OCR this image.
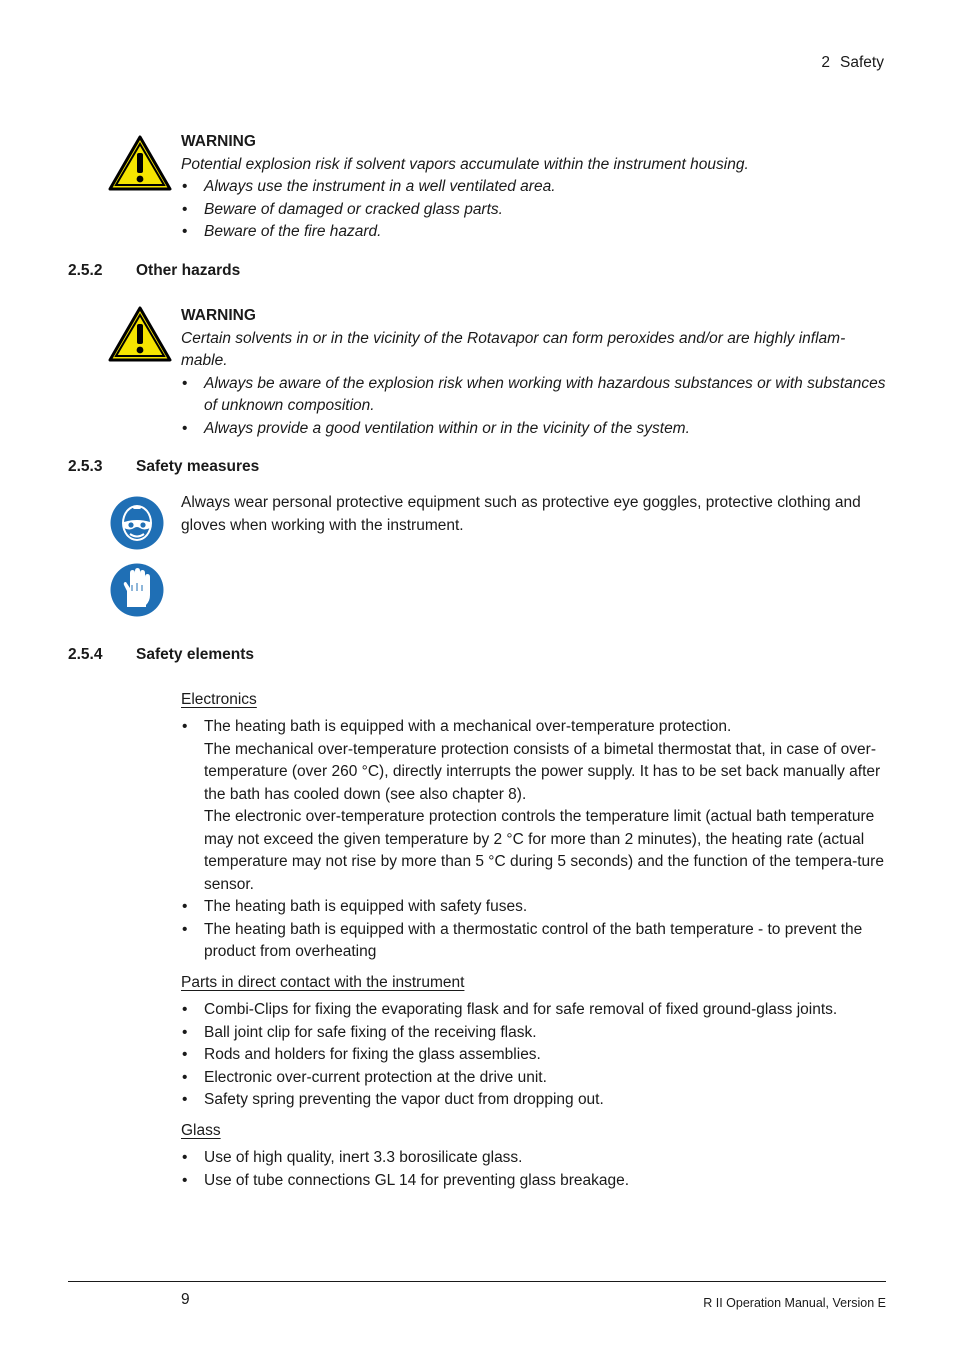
2 Safety
WARNING
Potential explosion risk if solvent vapors accumulate within the instrument housing.
• Always use the instrument in a well ventilated area.
• Beware of damaged or cracked glass parts.
• Beware of the fire hazard.
2.5.2 Other hazards
WARNING
Certain solvents in or in the vicinity of the Rotavapor can form peroxides and/or are highly inflam-
mable.
• Always be aware of the explosion risk when working with hazardous substances or with substances of unknown composition.
• Always provide a good ventilation within or in the vicinity of the system.
2.5.3 Safety measures
Always wear personal protective equipment such as protective eye goggles, protective clothing and gloves when working with the instrument.
2.5.4 Safety elements
Electronics
• The heating bath is equipped with a mechanical over-temperature protection.
The mechanical over-temperature protection consists of a bimetal thermostat that, in case of over-temperature (over 260 °C), directly interrupts the power supply. It has to be set back manually after the bath has cooled down (see also chapter 8).
The electronic over-temperature protection controls the temperature limit (actual bath temperature may not exceed the given temperature by 2 °C for more than 2 minutes), the heating rate (actual temperature may not rise by more than 5 °C during 5 seconds) and the function of the tempera-ture sensor.
• The heating bath is equipped with safety fuses.
• The heating bath is equipped with a thermostatic control of the bath temperature - to prevent the product from overheating
Parts in direct contact with the instrument
• Combi-Clips for fixing the evaporating flask and for safe removal of fixed ground-glass joints.
• Ball joint clip for safe fixing of the receiving flask.
• Rods and holders for fixing the glass assemblies.
• Electronic over-current protection at the drive unit.
• Safety spring preventing the vapor duct from dropping out.
Glass
• Use of high quality, inert 3.3 borosilicate glass.
• Use of tube connections GL 14 for preventing glass breakage.
9	R II Operation Manual, Version E
